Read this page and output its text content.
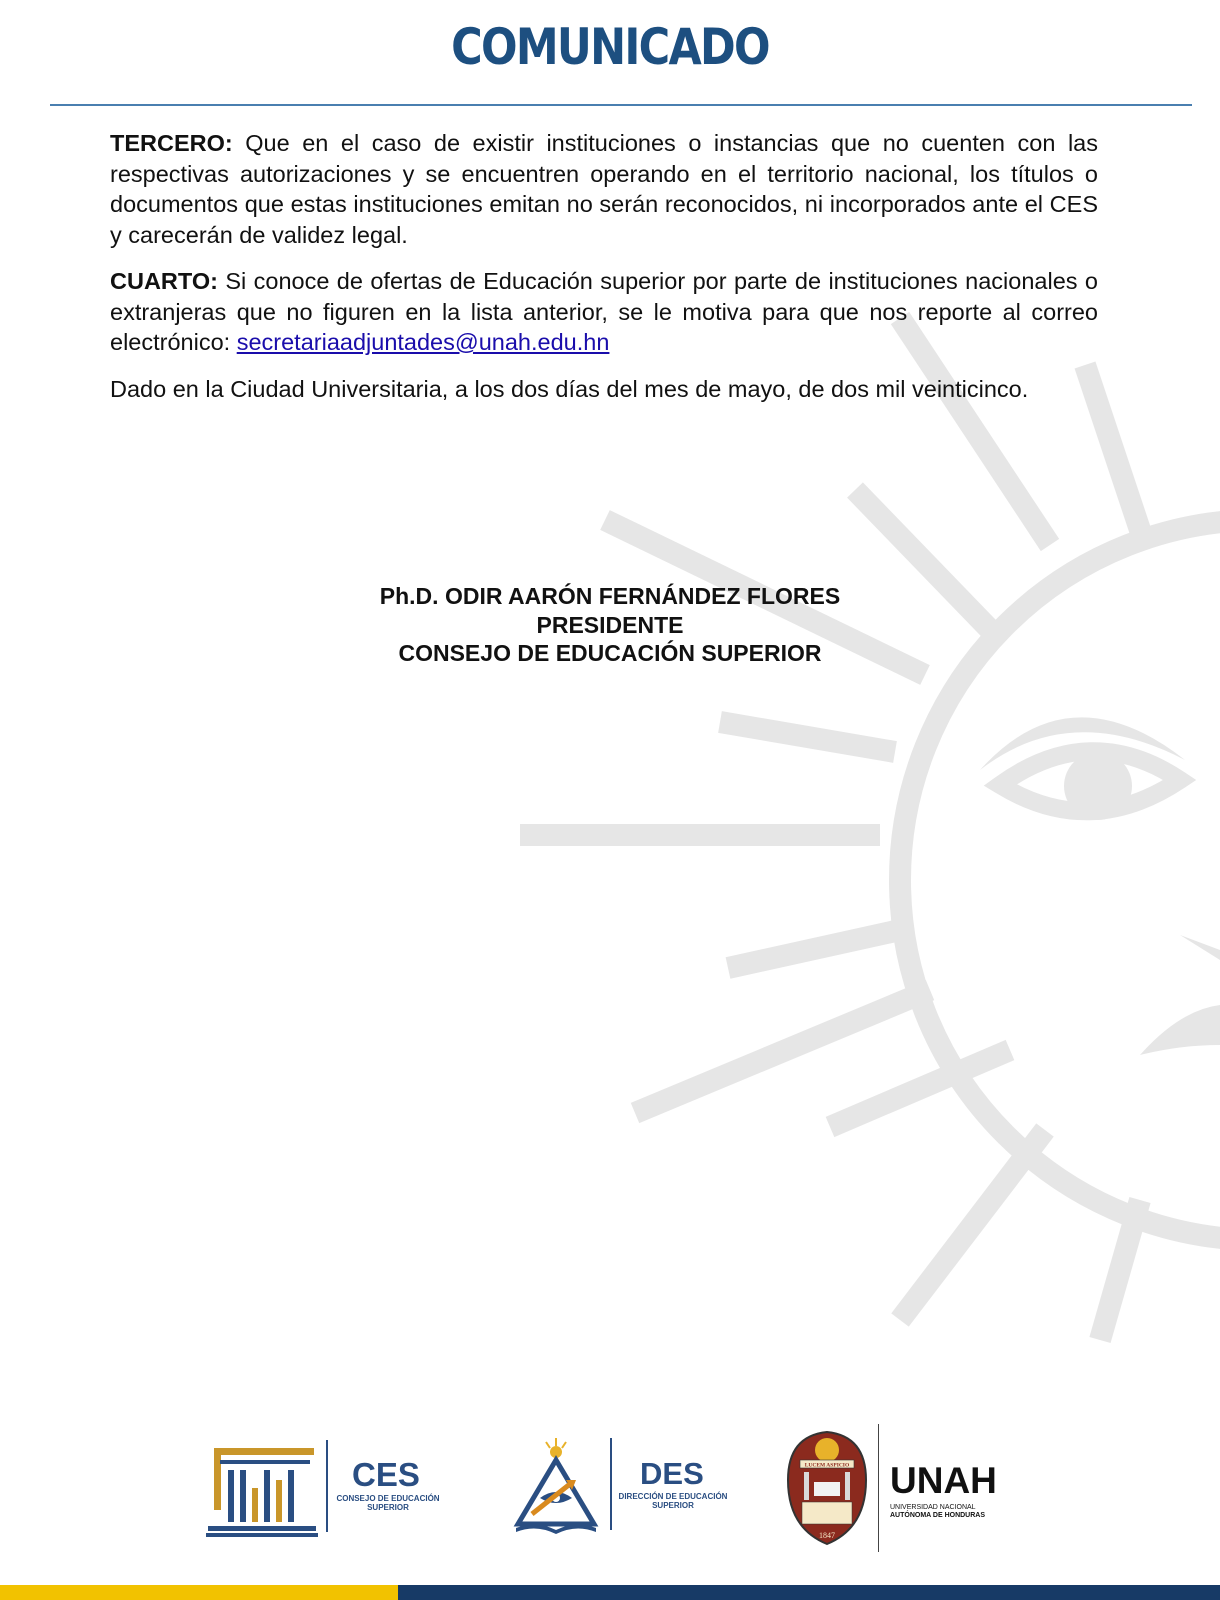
COMUNICADO

TERCERO: Que en el caso de existir instituciones o instancias que no cuenten con las respectivas autorizaciones y se encuentren operando en el territorio nacional, los títulos o documentos que estas instituciones emitan no serán reconocidos, ni incorporados ante el CES y carecerán de validez legal.

CUARTO: Si conoce de ofertas de Educación superior por parte de instituciones nacionales o extranjeras que no figuren en la lista anterior, se le motiva para que nos reporte al correo electrónico: secretariaadjuntades@unah.edu.hn

Dado en la Ciudad Universitaria, a los dos días del mes de mayo, de dos mil veinticinco.

Ph.D. ODIR AARÓN FERNÁNDEZ FLORES
PRESIDENTE
CONSEJO DE EDUCACIÓN SUPERIOR
CES
CONSEJO DE EDUCACIÓN
SUPERIOR
DES
DIRECCIÓN DE EDUCACIÓN
SUPERIOR
LUCEM ASPICIO
1847
UNAH
UNIVERSIDAD NACIONAL
AUTÓNOMA DE HONDURAS
